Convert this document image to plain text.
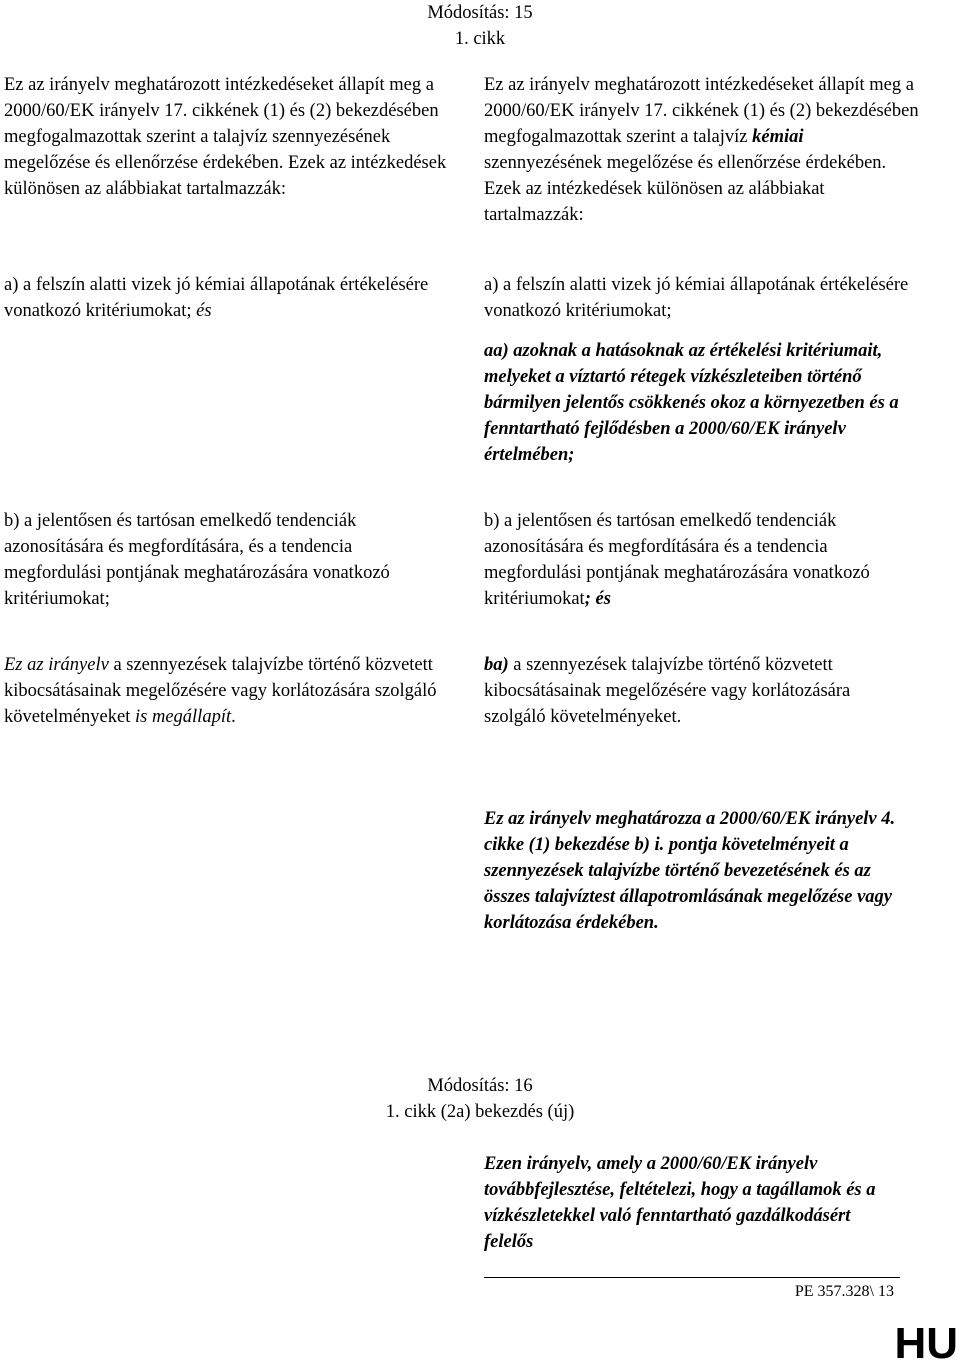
Módosítás: 15
1. cikk

Ez az irányelv meghatározott intézkedéseket állapít meg a 2000/60/EK irányelv 17. cikkének (1) és (2) bekezdésében megfogalmazottak szerint a talajvíz szennyezésének megelőzése és ellenőrzése érdekében. Ezek az intézkedések különösen az alábbiakat tartalmazzák:

a) a felszín alatti vizek jó kémiai állapotának értékelésére vonatkozó kritériumokat; és

b) a jelentősen és tartósan emelkedő tendenciák azonosítására és megfordítására, és a tendencia megfordulási pontjának meghatározására vonatkozó kritériumokat;

Ez az irányelv a szennyezések talajvízbe történő közvetett kibocsátásainak megelőzésére vagy korlátozására szolgáló követelményeket is megállapít.

Ez az irányelv meghatározott intézkedéseket állapít meg a 2000/60/EK irányelv 17. cikkének (1) és (2) bekezdésében megfogalmazottak szerint a talajvíz kémiai szennyezésének megelőzése és ellenőrzése érdekében. Ezek az intézkedések különösen az alábbiakat tartalmazzák:

a) a felszín alatti vizek jó kémiai állapotának értékelésére vonatkozó kritériumokat;

aa) azoknak a hatásoknak az értékelési kritériumait, melyeket a víztartó rétegek vízkészleteiben történő bármilyen jelentős csökkenés okoz a környezetben és a fenntartható fejlődésben a 2000/60/EK irányelv értelmében;

b) a jelentősen és tartósan emelkedő tendenciák azonosítására és megfordítására és a tendencia megfordulási pontjának meghatározására vonatkozó kritériumokat; és

ba) a szennyezések talajvízbe történő közvetett kibocsátásainak megelőzésére vagy korlátozására szolgáló követelményeket.

Ez az irányelv meghatározza a 2000/60/EK irányelv 4. cikke (1) bekezdése b) i. pontja követelményeit a szennyezések talajvízbe történő bevezetésének és az összes talajvíztest állapotromlásának megelőzése vagy korlátozása érdekében.

Módosítás: 16
1. cikk (2a) bekezdés (új)

Ezen irányelv, amely a 2000/60/EK irányelv továbbfejlesztése, feltételezi, hogy a tagállamok és a vízkészletekkel való fenntartható gazdálkodásért felelős

PE 357.328\ 13
HU
